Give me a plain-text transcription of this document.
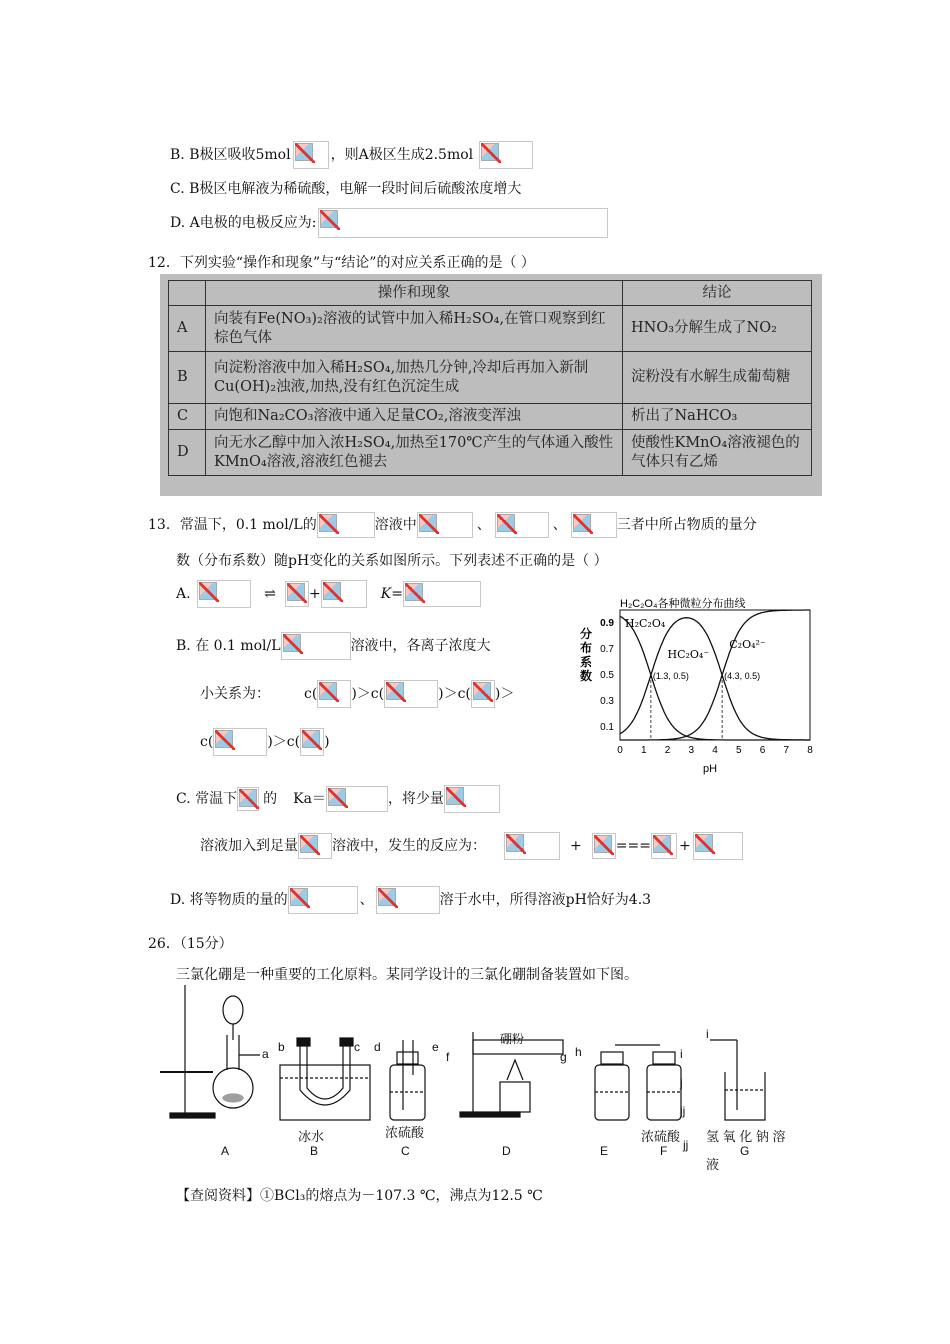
B. B极区吸收5mol	，则A极区生成2.5mol
C. B极区电解液为稀硫酸，电解一段时间后硫酸浓度增大
D. A电极的电极反应为:
12．下列实验“操作和现象”与“结论”的对应关系正确的是（ ）
	操作和现象	结论
A	向装有Fe(NO₃)₂溶液的试管中加入稀H₂SO₄,在管口观察到红棕色气体	HNO₃分解生成了NO₂
B	向淀粉溶液中加入稀H₂SO₄,加热几分钟,冷却后再加入新制Cu(OH)₂浊液,加热,没有红色沉淀生成	淀粉没有水解生成葡萄糖
C	向饱和Na₂CO₃溶液中通入足量CO₂,溶液变浑浊	析出了NaHCO₃
D	向无水乙醇中加入浓H₂SO₄,加热至170℃产生的气体通入酸性KMnO₄溶液,溶液红色褪去	使酸性KMnO₄溶液褪色的气体只有乙烯
13．常温下，0.1 mol/L的	溶液中	、	、	三者中所占物质的量分
数（分布系数）随pH变化的关系如图所示。下列表述不正确的是（ ）
A.	⇌ +	K=
B. 在 0.1 mol/L	溶液中，各离子浓度大
小关系为： c( )＞c(	)＞c( )＞
c(	)＞c( )
C. 常温下 的 Ka＝	，将少量
溶液加入到足量 溶液中，发生的反应为：	+ === +
D. 将等物质的量的	、	溶于水中，所得溶液pH恰好为4.3
H₂C₂O₄各种微粒分布曲线
分
布
系
数
0 1 2 3 4 5 6 7 8
0.1
0.3
0.5
0.7
0.9 H₂C₂O₄
HC₂O₄⁻
C₂O₄²⁻
(1.3, 0.5)	(4.3, 0.5)
pH
26．（15分）
三氯化硼是一种重要的工化原料。某同学设计的三氯化硼制备装置如下图。
a b	c d	e
f	g h	i
j
jj
jj
i
硼粉
冰水	浓硫酸	浓硫酸 氢 氧 化 钠 溶
液
A	B	C	D	E	F	G
【查阅资料】①BCl₃的熔点为－107.3 ℃，沸点为12.5 ℃
